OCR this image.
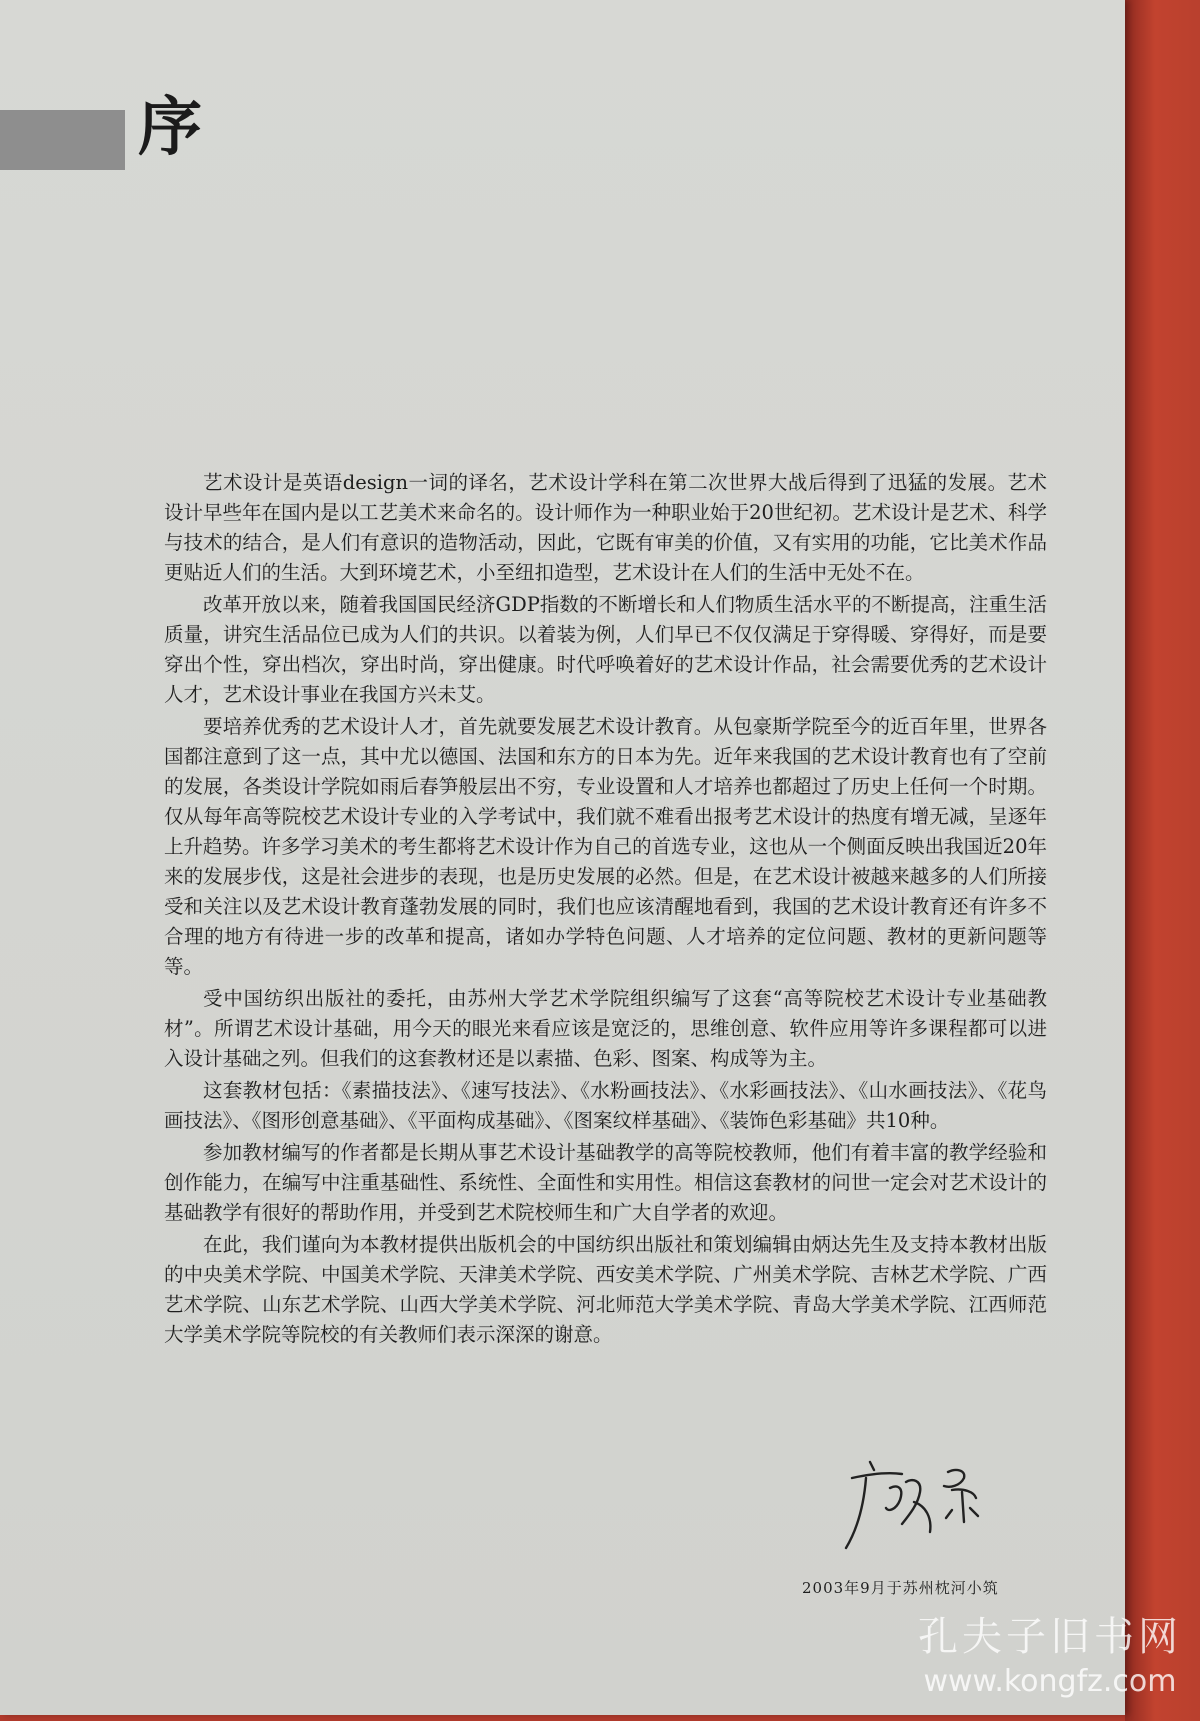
序

艺术设计是英语design一词的译名，艺术设计学科在第二次世界大战后得到了迅猛的发展。艺术设计早些年在国内是以工艺美术来命名的。设计师作为一种职业始于20世纪初。艺术设计是艺术、科学与技术的结合，是人们有意识的造物活动，因此，它既有审美的价值，又有实用的功能，它比美术作品更贴近人们的生活。大到环境艺术，小至纽扣造型，艺术设计在人们的生活中无处不在。

改革开放以来，随着我国国民经济GDP指数的不断增长和人们物质生活水平的不断提高，注重生活质量，讲究生活品位已成为人们的共识。以着装为例，人们早已不仅仅满足于穿得暖、穿得好，而是要穿出个性，穿出档次，穿出时尚，穿出健康。时代呼唤着好的艺术设计作品，社会需要优秀的艺术设计人才，艺术设计事业在我国方兴未艾。

要培养优秀的艺术设计人才，首先就要发展艺术设计教育。从包豪斯学院至今的近百年里，世界各国都注意到了这一点，其中尤以德国、法国和东方的日本为先。近年来我国的艺术设计教育也有了空前的发展，各类设计学院如雨后春笋般层出不穷，专业设置和人才培养也都超过了历史上任何一个时期。仅从每年高等院校艺术设计专业的入学考试中，我们就不难看出报考艺术设计的热度有增无减，呈逐年上升趋势。许多学习美术的考生都将艺术设计作为自己的首选专业，这也从一个侧面反映出我国近20年来的发展步伐，这是社会进步的表现，也是历史发展的必然。但是，在艺术设计被越来越多的人们所接受和关注以及艺术设计教育蓬勃发展的同时，我们也应该清醒地看到，我国的艺术设计教育还有许多不合理的地方有待进一步的改革和提高，诸如办学特色问题、人才培养的定位问题、教材的更新问题等等。

受中国纺织出版社的委托，由苏州大学艺术学院组织编写了这套“高等院校艺术设计专业基础教材”。所谓艺术设计基础，用今天的眼光来看应该是宽泛的，思维创意、软件应用等许多课程都可以进入设计基础之列。但我们的这套教材还是以素描、色彩、图案、构成等为主。

这套教材包括：《素描技法》、《速写技法》、《水粉画技法》、《水彩画技法》、《山水画技法》、《花鸟画技法》、《图形创意基础》、《平面构成基础》、《图案纹样基础》、《装饰色彩基础》共10种。

参加教材编写的作者都是长期从事艺术设计基础教学的高等院校教师，他们有着丰富的教学经验和创作能力，在编写中注重基础性、系统性、全面性和实用性。相信这套教材的问世一定会对艺术设计的基础教学有很好的帮助作用，并受到艺术院校师生和广大自学者的欢迎。

在此，我们谨向为本教材提供出版机会的中国纺织出版社和策划编辑由炳达先生及支持本教材出版的中央美术学院、中国美术学院、天津美术学院、西安美术学院、广州美术学院、吉林艺术学院、广西艺术学院、山东艺术学院、山西大学美术学院、河北师范大学美术学院、青岛大学美术学院、江西师范大学美术学院等院校的有关教师们表示深深的谢意。

2003年9月于苏州枕河小筑
孔夫子旧书网
www.kongfz.com
